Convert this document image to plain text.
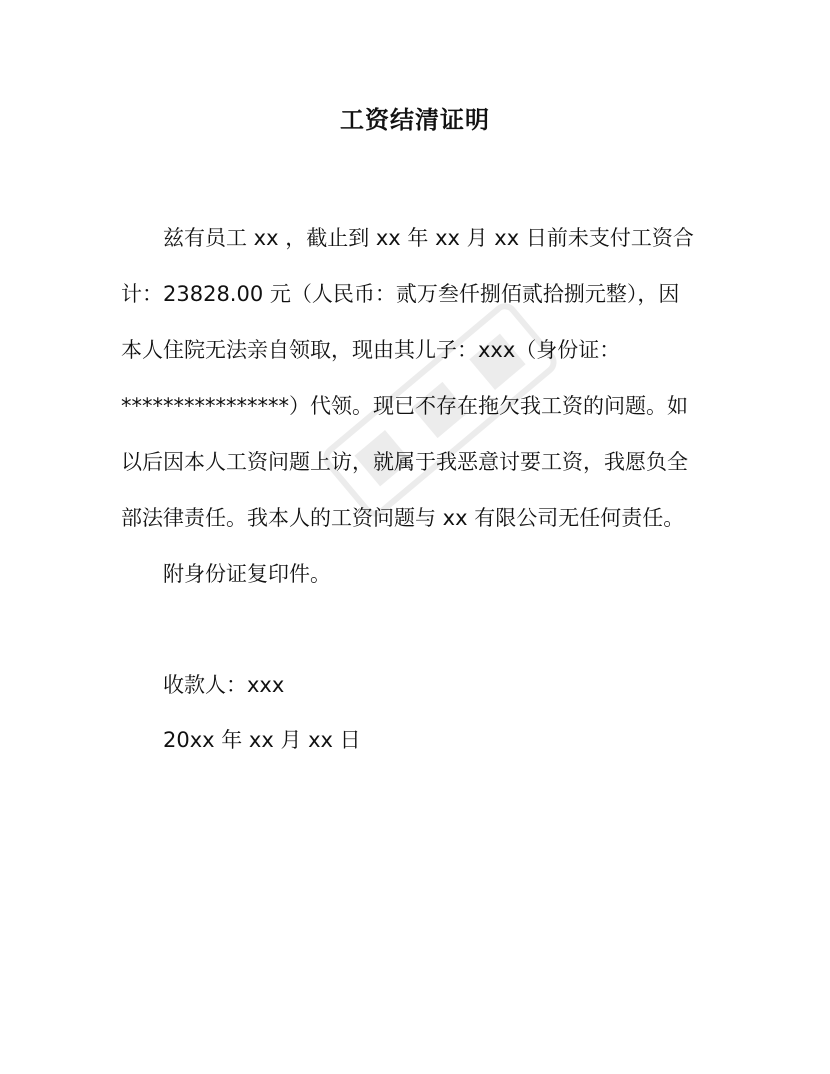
工资结清证明
兹有员工 xx ，截止到 xx 年 xx 月 xx 日前未支付工资合
计：23828.00 元（人民币：贰万叁仟捌佰贰拾捌元整），因
本人住院无法亲自领取，现由其儿子：xxx（身份证：
****************）代领。现已不存在拖欠我工资的问题。如
以后因本人工资问题上访，就属于我恶意讨要工资，我愿负全
部法律责任。我本人的工资问题与 xx 有限公司无任何责任。
附身份证复印件。
收款人：xxx
20xx 年 xx 月 xx 日
